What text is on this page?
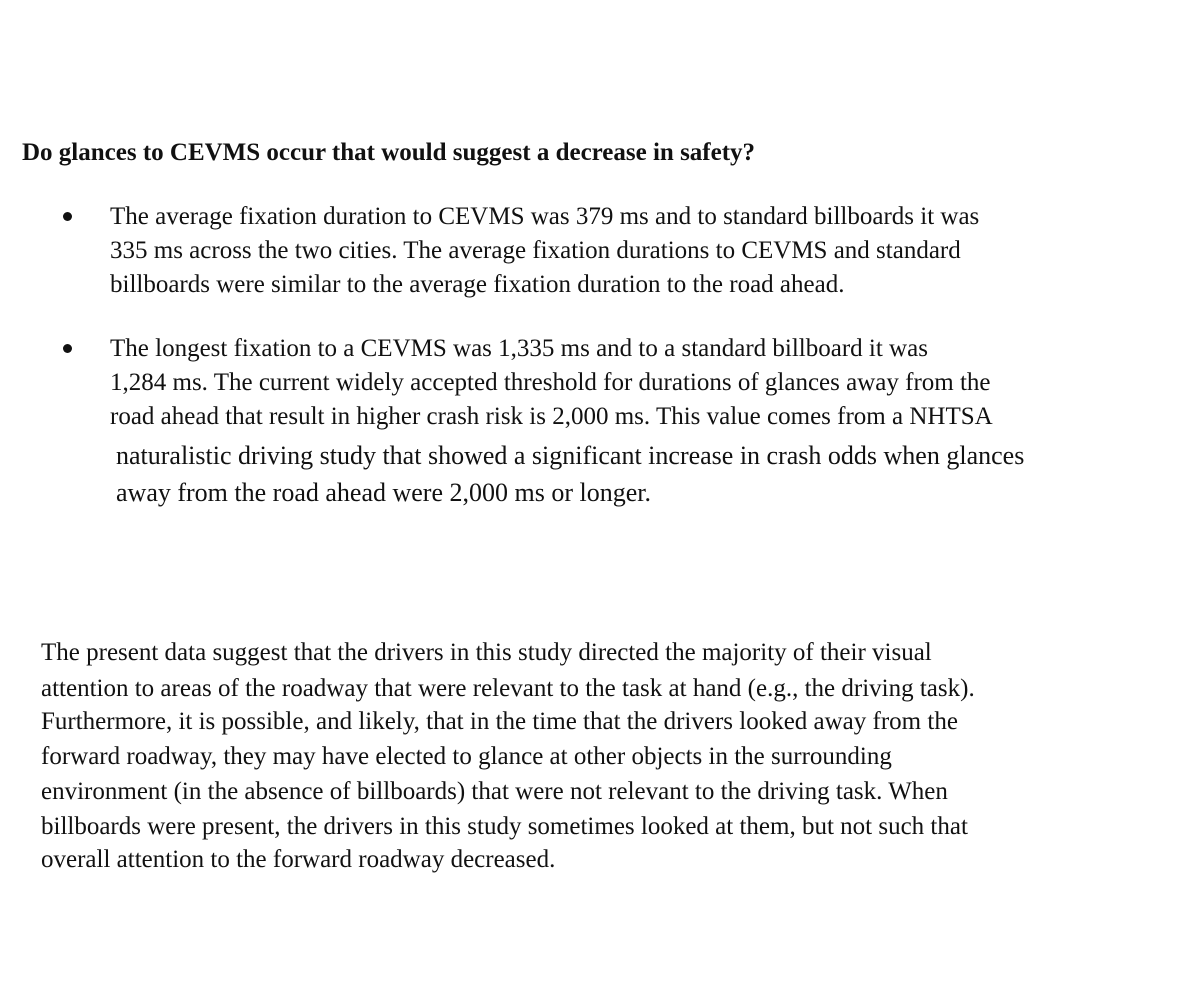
Do glances to CEVMS occur that would suggest a decrease in safety?
The average fixation duration to CEVMS was 379 ms and to standard billboards it was
335 ms across the two cities. The average fixation durations to CEVMS and standard
billboards were similar to the average fixation duration to the road ahead.
The longest fixation to a CEVMS was 1,335 ms and to a standard billboard it was
1,284 ms. The current widely accepted threshold for durations of glances away from the
road ahead that result in higher crash risk is 2,000 ms. This value comes from a NHTSA
naturalistic driving study that showed a significant increase in crash odds when glances
away from the road ahead were 2,000 ms or longer.
The present data suggest that the drivers in this study directed the majority of their visual
attention to areas of the roadway that were relevant to the task at hand (e.g., the driving task).
Furthermore, it is possible, and likely, that in the time that the drivers looked away from the
forward roadway, they may have elected to glance at other objects in the surrounding
environment (in the absence of billboards) that were not relevant to the driving task. When
billboards were present, the drivers in this study sometimes looked at them, but not such that
overall attention to the forward roadway decreased.
